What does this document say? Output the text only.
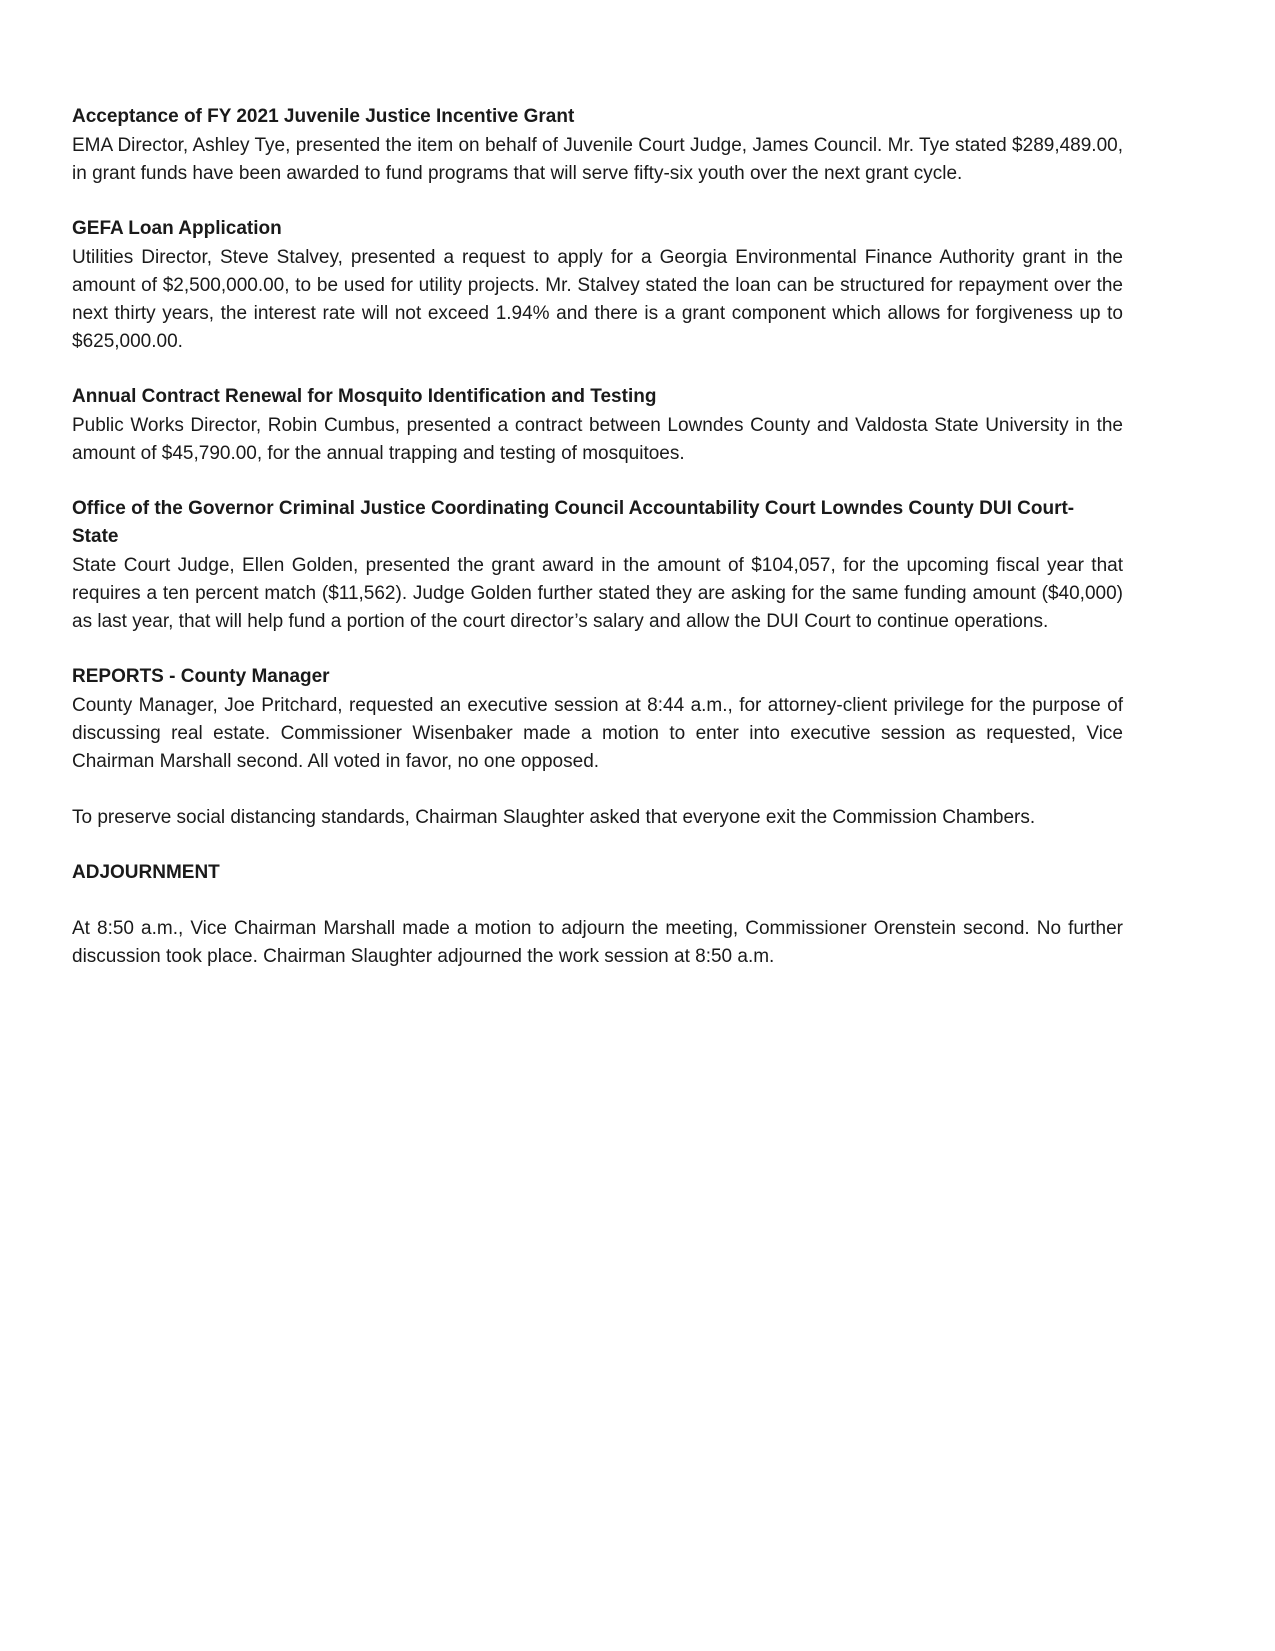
Acceptance of FY 2021 Juvenile Justice Incentive Grant

EMA Director, Ashley Tye, presented the item on behalf of Juvenile Court Judge, James Council. Mr. Tye stated $289,489.00, in grant funds have been awarded to fund programs that will serve fifty-six youth over the next grant cycle.

GEFA Loan Application

Utilities Director, Steve Stalvey, presented a request to apply for a Georgia Environmental Finance Authority grant in the amount of $2,500,000.00, to be used for utility projects. Mr. Stalvey stated the loan can be structured for repayment over the next thirty years, the interest rate will not exceed 1.94% and there is a grant component which allows for forgiveness up to $625,000.00.

Annual Contract Renewal for Mosquito Identification and Testing

Public Works Director, Robin Cumbus, presented a contract between Lowndes County and Valdosta State University in the amount of $45,790.00, for the annual trapping and testing of mosquitoes.

Office of the Governor Criminal Justice Coordinating Council Accountability Court Lowndes County DUI Court- State

State Court Judge, Ellen Golden, presented the grant award in the amount of $104,057, for the upcoming fiscal year that requires a ten percent match ($11,562). Judge Golden further stated they are asking for the same funding amount ($40,000) as last year, that will help fund a portion of the court director’s salary and allow the DUI Court to continue operations.

REPORTS - County Manager

County Manager, Joe Pritchard, requested an executive session at 8:44 a.m., for attorney-client privilege for the purpose of discussing real estate. Commissioner Wisenbaker made a motion to enter into executive session as requested, Vice Chairman Marshall second. All voted in favor, no one opposed.

To preserve social distancing standards, Chairman Slaughter asked that everyone exit the Commission Chambers.

ADJOURNMENT

At 8:50 a.m., Vice Chairman Marshall made a motion to adjourn the meeting, Commissioner Orenstein second. No further discussion took place. Chairman Slaughter adjourned the work session at 8:50 a.m.
